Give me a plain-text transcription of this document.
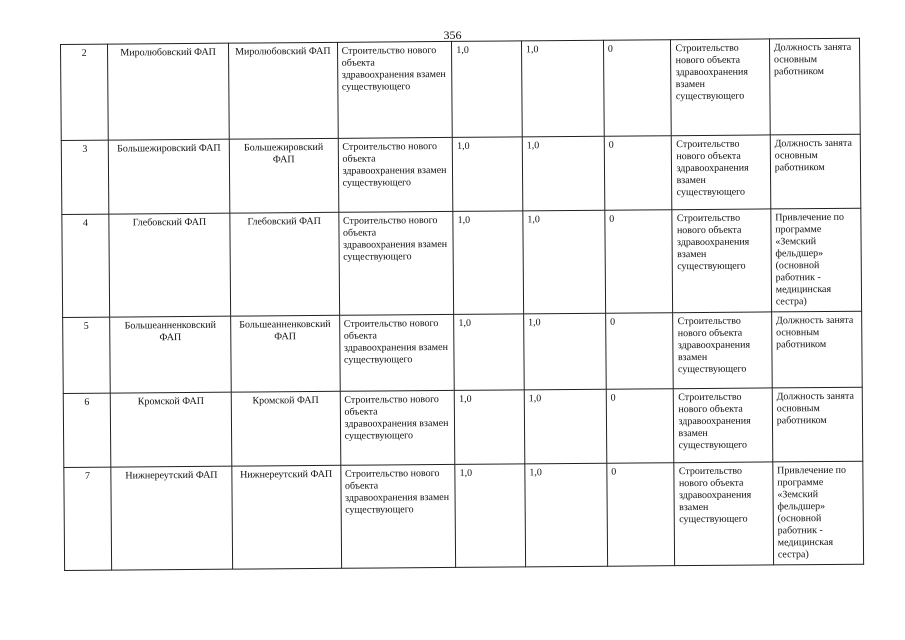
356
2	Миролюбовский ФАП	Миролюбовский ФАП	Строительство нового объекта здравоохранения взамен существующего	1,0	1,0	0	Строительство нового объекта здравоохранения взамен существующего	Должность занята основным работником
3	Большежировский ФАП	Большежировский ФАП	Строительство нового объекта здравоохранения взамен существующего	1,0	1,0	0	Строительство нового объекта здравоохранения взамен существующего	Должность занята основным работником
4	Глебовский ФАП	Глебовский ФАП	Строительство нового объекта здравоохранения взамен существующего	1,0	1,0	0	Строительство нового объекта здравоохранения взамен существующего	Привлечение по программе «Земский фельдшер» (основной работник - медицинская сестра)
5	Большеанненковский ФАП	Большеанненковский ФАП	Строительство нового объекта здравоохранения взамен существующего	1,0	1,0	0	Строительство нового объекта здравоохранения взамен существующего	Должность занята основным работником
6	Кромской ФАП	Кромской ФАП	Строительство нового объекта здравоохранения взамен существующего	1,0	1,0	0	Строительство нового объекта здравоохранения взамен существующего	Должность занята основным работником
7	Нижнереутский ФАП	Нижнереутский ФАП	Строительство нового объекта здравоохранения взамен существующего	1,0	1,0	0	Строительство нового объекта здравоохранения взамен существующего	Привлечение по программе «Земский фельдшер» (основной работник - медицинская сестра)
